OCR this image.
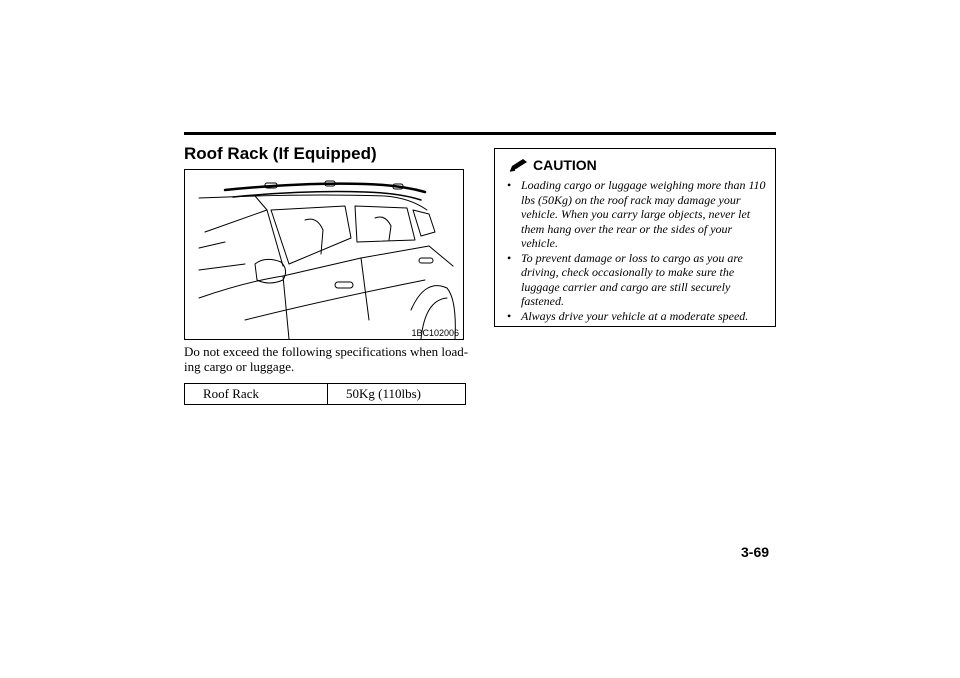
Roof Rack (If Equipped)
1BC102006

Do not exceed the following specifications when load-ing cargo or luggage.

Roof Rack	50Kg (110lbs)
CAUTION
• Loading cargo or luggage weighing more than 110 lbs (50Kg) on the roof rack may damage your vehicle. When you carry large objects, never let them hang over the rear or the sides of your vehicle.
• To prevent damage or loss to cargo as you are driving, check occasionally to make sure the luggage carrier and cargo are still securely fastened.
• Always drive your vehicle at a moderate speed.
3-69
